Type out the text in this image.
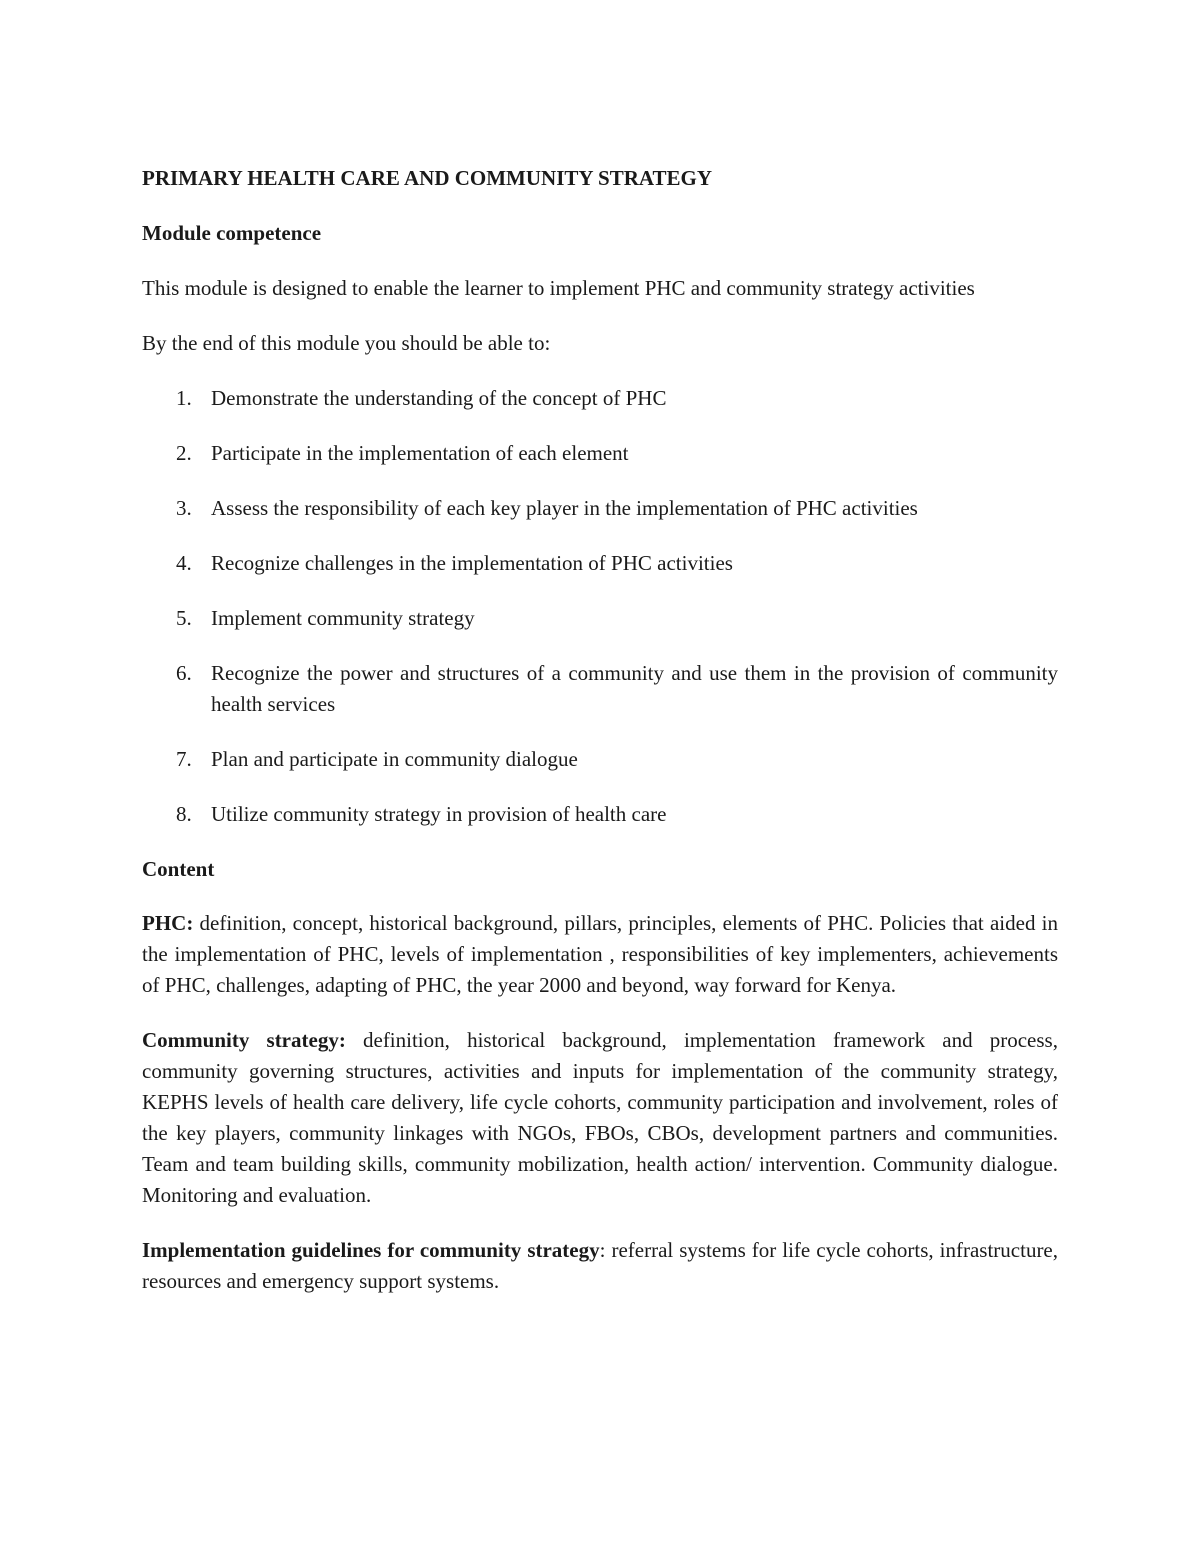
PRIMARY HEALTH CARE AND COMMUNITY STRATEGY

Module competence

This module is designed to enable the learner to implement PHC and community strategy activities

By the end of this module you should be able to:

1. Demonstrate the understanding of the concept of PHC
2. Participate in the implementation of each element
3. Assess the responsibility of each key player in the implementation of PHC activities
4. Recognize challenges in the implementation of PHC activities
5. Implement community strategy
6. Recognize the power and structures of a community and use them in the provision of community health services
7. Plan and participate in community dialogue
8. Utilize community strategy in provision of health care

Content

PHC: definition, concept, historical background, pillars, principles, elements of PHC. Policies that aided in the implementation of PHC, levels of implementation , responsibilities of key implementers, achievements of PHC, challenges, adapting of PHC, the year 2000 and beyond, way forward for Kenya.

Community strategy: definition, historical background, implementation framework and process, community governing structures, activities and inputs for implementation of the community strategy, KEPHS levels of health care delivery, life cycle cohorts, community participation and involvement, roles of the key players, community linkages with NGOs, FBOs, CBOs, development partners and communities. Team and team building skills, community mobilization, health action/ intervention. Community dialogue. Monitoring and evaluation.

Implementation guidelines for community strategy: referral systems for life cycle cohorts, infrastructure, resources and emergency support systems.
